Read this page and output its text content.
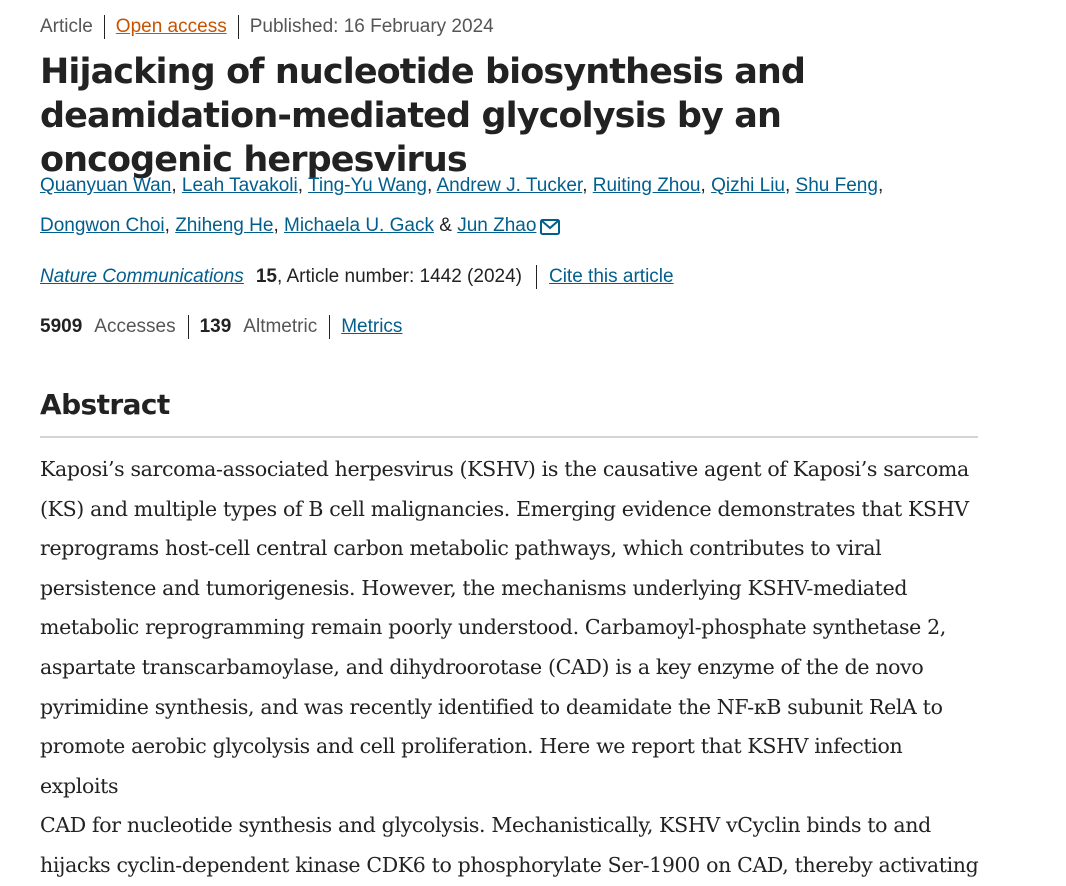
Article Open access Published: 16 February 2024
Hijacking of nucleotide biosynthesis and deamidation-mediated glycolysis by an oncogenic herpesvirus
Quanyuan Wan, Leah Tavakoli, Ting-Yu Wang, Andrew J. Tucker, Ruiting Zhou, Qizhi Liu, Shu Feng,
Dongwon Choi, Zhiheng He, Michaela U. Gack & Jun Zhao
Nature Communications 15 , Article number: 1442 (2024) Cite this article
5909 Accesses 139 Altmetric Metrics
Abstract

Kaposi’s sarcoma-associated herpesvirus (KSHV) is the causative agent of Kaposi’s sarcoma
(KS) and multiple types of B cell malignancies. Emerging evidence demonstrates that KSHV
reprograms host-cell central carbon metabolic pathways, which contributes to viral
persistence and tumorigenesis. However, the mechanisms underlying KSHV-mediated
metabolic reprogramming remain poorly understood. Carbamoyl-phosphate synthetase 2,
aspartate transcarbamoylase, and dihydroorotase (CAD) is a key enzyme of the de novo
pyrimidine synthesis, and was recently identified to deamidate the NF-κB subunit RelA to
promote aerobic glycolysis and cell proliferation. Here we report that KSHV infection exploits
CAD for nucleotide synthesis and glycolysis. Mechanistically, KSHV vCyclin binds to and
hijacks cyclin-dependent kinase CDK6 to phosphorylate Ser-1900 on CAD, thereby activating
